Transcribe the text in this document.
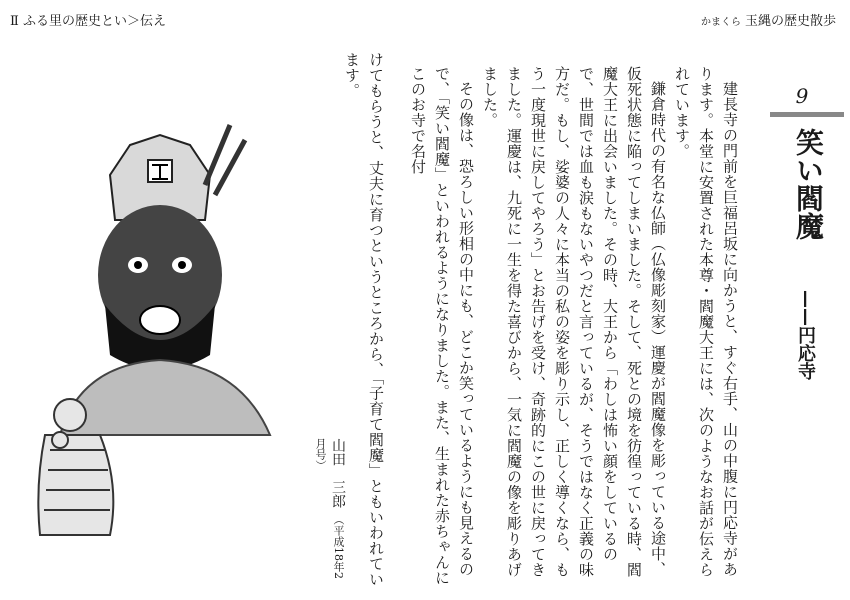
Ⅱ ふる里の歴史とい＞伝え	かまくら 玉縄の歴史散歩
9
笑い閻魔
——円応寺

建長寺の門前を巨福呂坂に向かうと、すぐ右手、山の中腹に円応寺があります。本堂に安置された本尊・閻魔大王には、次のようなお話が伝えられています。

鎌倉時代の有名な仏師（仏像彫刻家）運慶が閻魔像を彫っている途中、仮死状態に陥ってしまいました。そして、死との境を彷徨っている時、閻魔大王に出会いました。その時、大王から「わしは怖い顔をしているので、世間では血も涙もないやつだと言っているが、そうではなく正義の味方だ。もし、娑婆の人々に本当の私の姿を彫り示し、正しく導くなら、もう一度現世に戻してやろう」とお告げを受け、奇跡的にこの世に戻ってきました。運慶は、九死に一生を得た喜びから、一気に閻魔の像を彫りあげました。

その像は、恐ろしい形相の中にも、どこか笑っているようにも見えるので、「笑い閻魔」といわれるようになりました。また、生まれた赤ちゃんにこのお寺で名付

けてもらうと、丈夫に育つというところから、「子育て閻魔」ともいわれています。
山田　三郎（平成18年2月号）
